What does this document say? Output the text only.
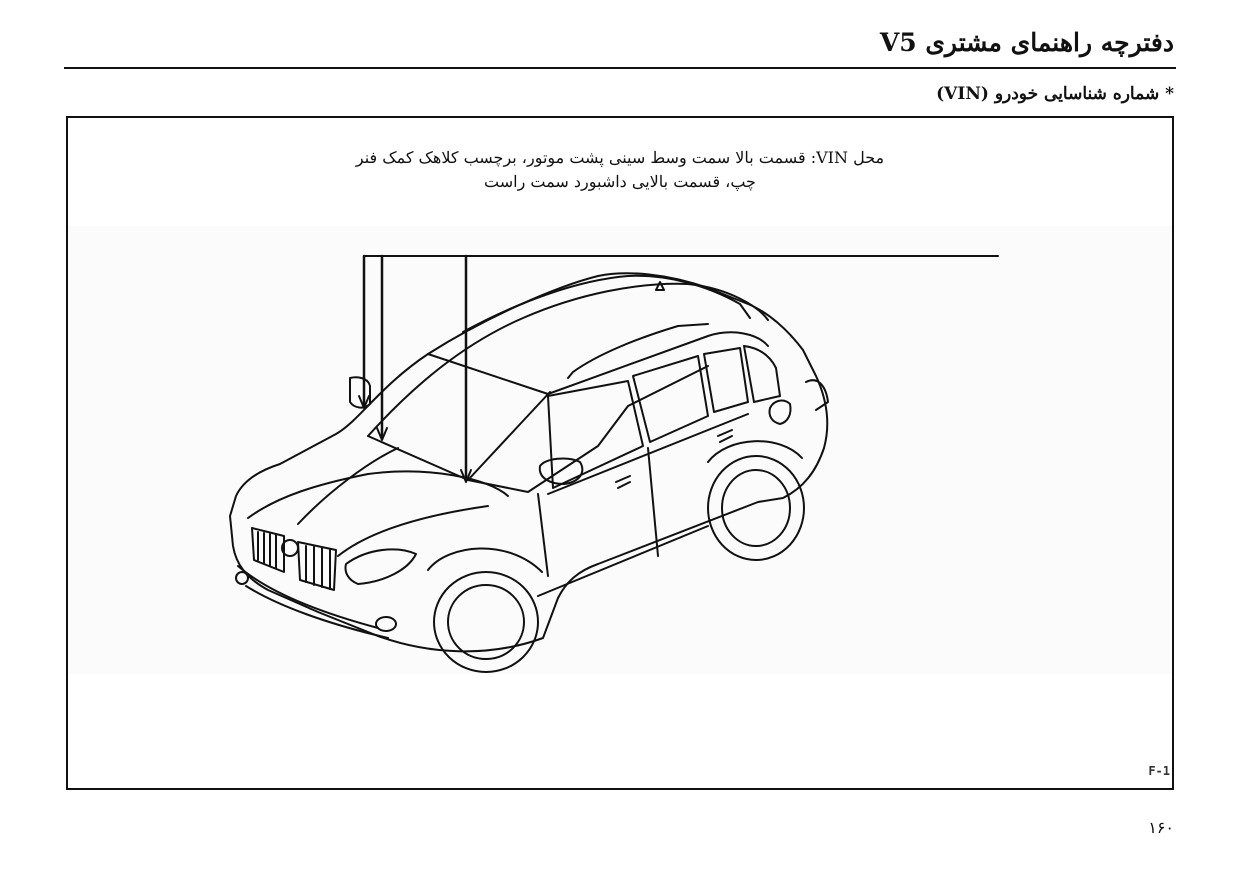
دفترچه راهنمای مشتری V5
* شماره شناسایی خودرو (VIN)
محل VIN: قسمت بالا سمت وسط سینی پشت موتور، برچسب کلاهک کمک فنر
چپ، قسمت بالایی داشبورد سمت راست
F-1
۱۶۰
